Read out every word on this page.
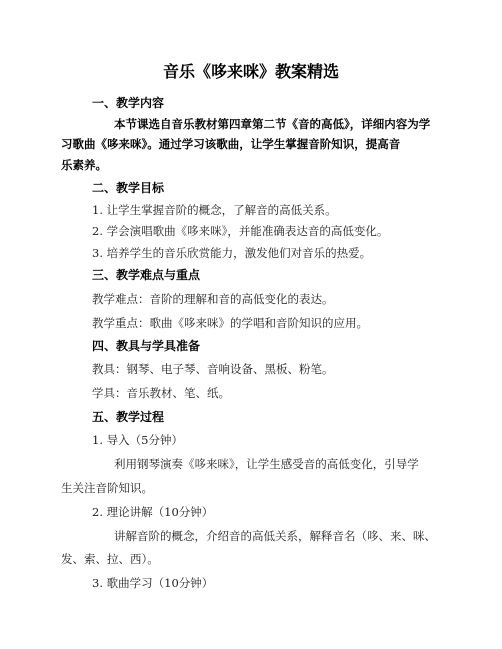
音乐《哆来咪》教案精选
一、教学内容
本节课选自音乐教材第四章第二节《音的高低》，详细内容为学
习歌曲《哆来咪》。通过学习该歌曲，让学生掌握音阶知识，提高音
乐素养。
二、教学目标
1. 让学生掌握音阶的概念，了解音的高低关系。
2. 学会演唱歌曲《哆来咪》，并能准确表达音的高低变化。
3. 培养学生的音乐欣赏能力，激发他们对音乐的热爱。
三、教学难点与重点
教学难点：音阶的理解和音的高低变化的表达。
教学重点：歌曲《哆来咪》的学唱和音阶知识的应用。
四、教具与学具准备
教具：钢琴、电子琴、音响设备、黑板、粉笔。
学具：音乐教材、笔、纸。
五、教学过程
1. 导入（5分钟）
利用钢琴演奏《哆来咪》，让学生感受音的高低变化，引导学
生关注音阶知识。
2. 理论讲解（10分钟）
讲解音阶的概念，介绍音的高低关系，解释音名（哆、来、咪、
发、索、拉、西）。
3. 歌曲学习（10分钟）
